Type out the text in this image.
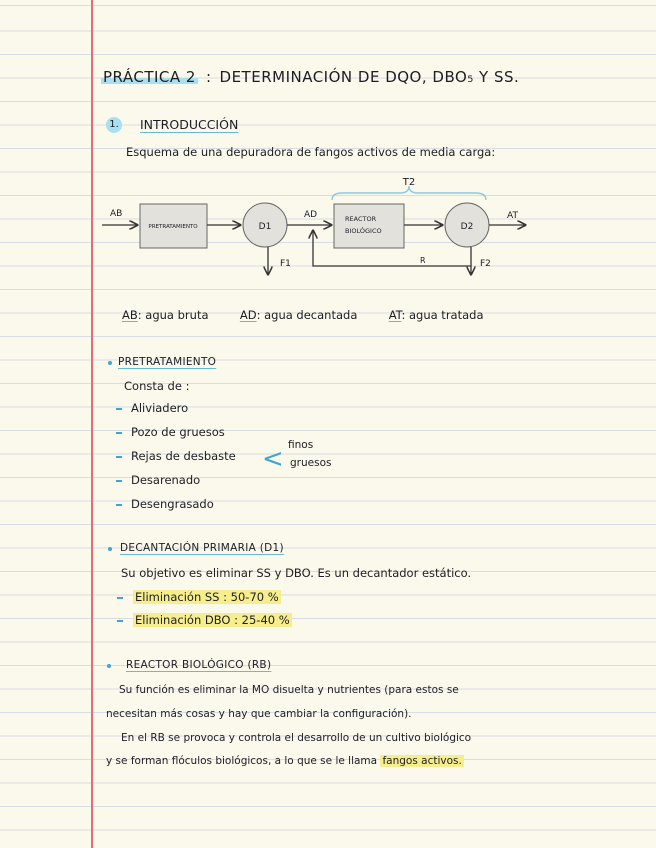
PRÁCTICA 2 : DETERMINACIÓN DE DQO, DBO₅ Y SS.
1. INTRODUCCIÓN
Esquema de una depuradora de fangos activos de media carga:
T2
AB
PRETRATAMIENTO	D1
F1
AD	REACTOR
BIOLÓGICO	D2
AT
F2
R
AB: agua bruta	AD: agua decantada	AT: agua tratada
PRETRATAMIENTO
Consta de :
Aliviadero
Pozo de gruesos
Rejas de desbaste < finos
gruesos
Desarenado
Desengrasado
DECANTACIÓN PRIMARIA (D1)
Su objetivo es eliminar SS y DBO. Es un decantador estático.
Eliminación SS : 50-70 %
Eliminación DBO : 25-40 %
REACTOR BIOLÓGICO (RB)
Su función es eliminar la MO disuelta y nutrientes (para estos se
necesitan más cosas y hay que cambiar la configuración).
En el RB se provoca y controla el desarrollo de un cultivo biológico
y se forman flóculos biológicos, a lo que se le llama fangos activos.
